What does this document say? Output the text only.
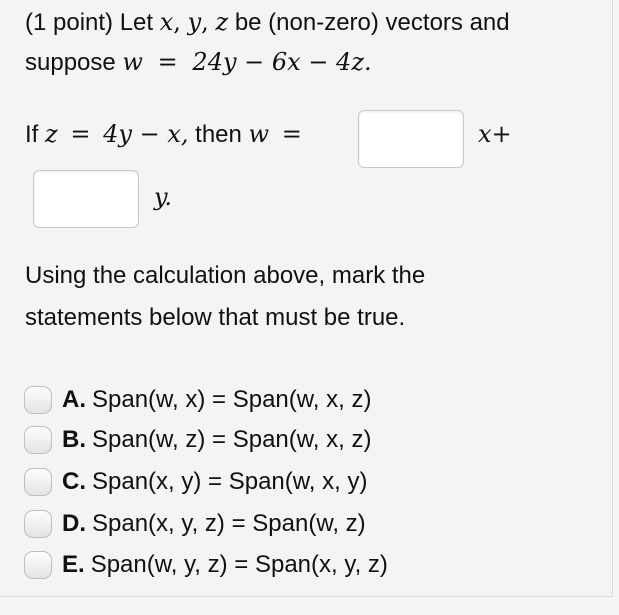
(1 point) Let x, y, z be (non-zero) vectors and
suppose w = 24y − 6x − 4z.
If z = 4y − x, then w =	x+
y.
Using the calculation above, mark the
statements below that must be true.
A. Span(w, x) = Span(w, x, z)
B. Span(w, z) = Span(w, x, z)
C. Span(x, y) = Span(w, x, y)
D. Span(x, y, z) = Span(w, z)
E. Span(w, y, z) = Span(x, y, z)
